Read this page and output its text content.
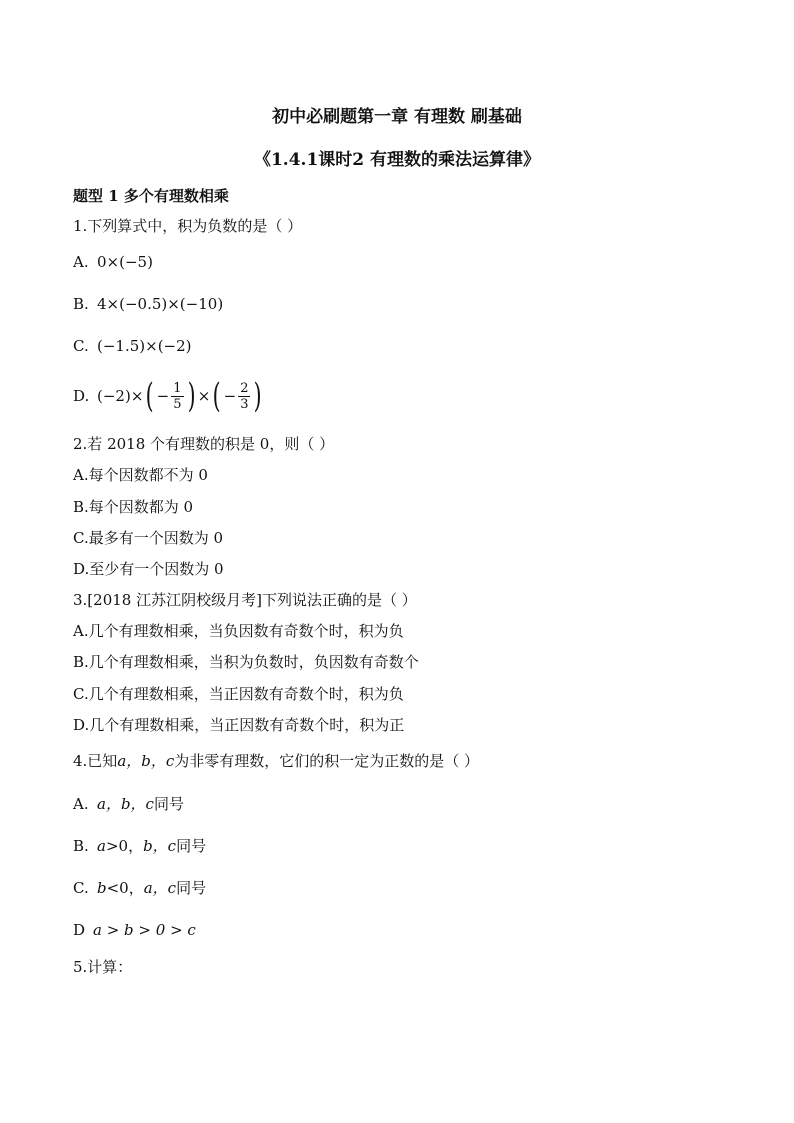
初中必刷题第一章 有理数 刷基础
《1.4.1课时2 有理数的乘法运算律》
题型 1 多个有理数相乘
1.下列算式中，积为负数的是（ ）
A. 0×(−5)
B. 4×(−0.5)×(−10)
C. (−1.5)×(−2)
D. (−2)× ( − $\frac{1}{5}$ ) × ( − $\frac{2}{3}$ )
2.若 2018 个有理数的积是 0，则（ ）
A.每个因数都不为 0
B.每个因数都为 0
C.最多有一个因数为 0
D.至少有一个因数为 0
3.[2018 江苏江阴校级月考]下列说法正确的是（ ）
A.几个有理数相乘，当负因数有奇数个时，积为负
B.几个有理数相乘，当积为负数时，负因数有奇数个
C.几个有理数相乘，当正因数有奇数个时，积为负
D.几个有理数相乘，当正因数有奇数个时，积为正
4.已知a，b，c为非零有理数，它们的积一定为正数的是（ ）
A. a，b，c 同号
B. a >0， b，c 同号
C. b <0， a，c 同号
D a > b > 0 > c
5.计算：
